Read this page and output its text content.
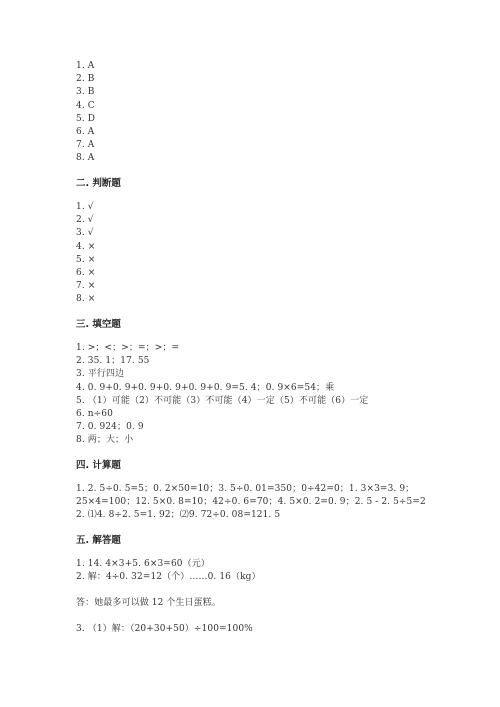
1. A
2. B
3. B
4. C
5. D
6. A
7. A
8. A
二. 判断题
1. √
2. √
3. √
4. ×
5. ×
6. ×
7. ×
8. ×
三. 填空题
1. >；<；>；=；>；=
2. 35. 1；17. 55
3. 平行四边
4. 0. 9+0. 9+0. 9+0. 9+0. 9+0. 9=5. 4；0. 9×6=54；乘
5. （1）可能（2）不可能（3）不可能（4）一定（5）不可能（6）一定
6. n÷60
7. 0. 924；0. 9
8. 两；大；小
四. 计算题
1. 2. 5÷0. 5=5；0. 2×50=10；3. 5÷0. 01=350；0÷42=0；1. 3×3=3. 9；
25×4=100；12. 5×0. 8=10；42÷0. 6=70；4. 5×0. 2=0. 9；2. 5 - 2. 5÷5=2
2. ⑴4. 8÷2. 5=1. 92；⑵9. 72÷0. 08=121. 5
五. 解答题
1. 14. 4×3+5. 6×3=60（元）
2. 解：4÷0. 32=12（个）……0. 16（kg）
答：她最多可以做 12 个生日蛋糕。
3. （1）解：（20+30+50）÷100=100%
